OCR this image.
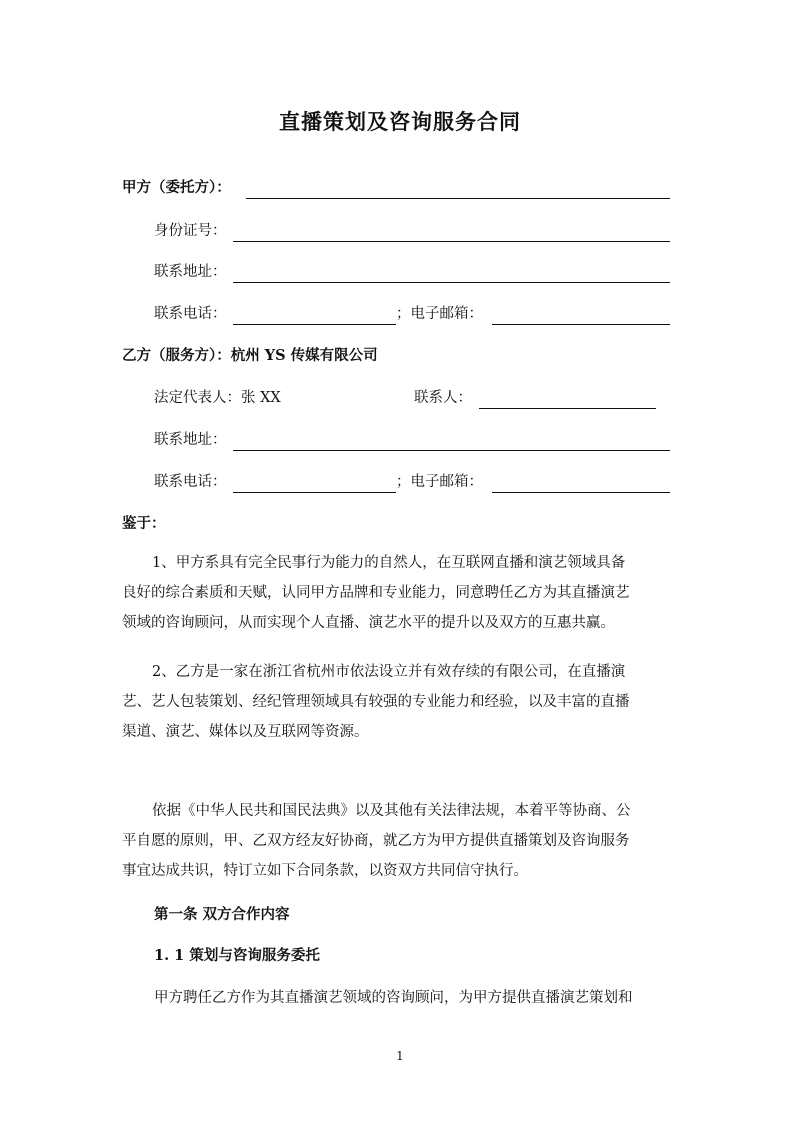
直播策划及咨询服务合同
甲方（委托方）：
身份证号：
联系地址：
联系电话：	；电子邮箱：
乙方（服务方）：杭州 YS 传媒有限公司
法定代表人：张 XX	联系人：
联系地址：
联系电话：	；电子邮箱：
鉴于：
1、甲方系具有完全民事行为能力的自然人，在互联网直播和演艺领域具备
良好的综合素质和天赋，认同甲方品牌和专业能力，同意聘任乙方为其直播演艺
领域的咨询顾问，从而实现个人直播、演艺水平的提升以及双方的互惠共赢。
2、乙方是一家在浙江省杭州市依法设立并有效存续的有限公司，在直播演
艺、艺人包装策划、经纪管理领域具有较强的专业能力和经验，以及丰富的直播
渠道、演艺、媒体以及互联网等资源。
依据《中华人民共和国民法典》以及其他有关法律法规，本着平等协商、公
平自愿的原则，甲、乙双方经友好协商，就乙方为甲方提供直播策划及咨询服务
事宜达成共识，特订立如下合同条款，以资双方共同信守执行。
第一条 双方合作内容
1. 1 策划与咨询服务委托
甲方聘任乙方作为其直播演艺领域的咨询顾问，为甲方提供直播演艺策划和
1
